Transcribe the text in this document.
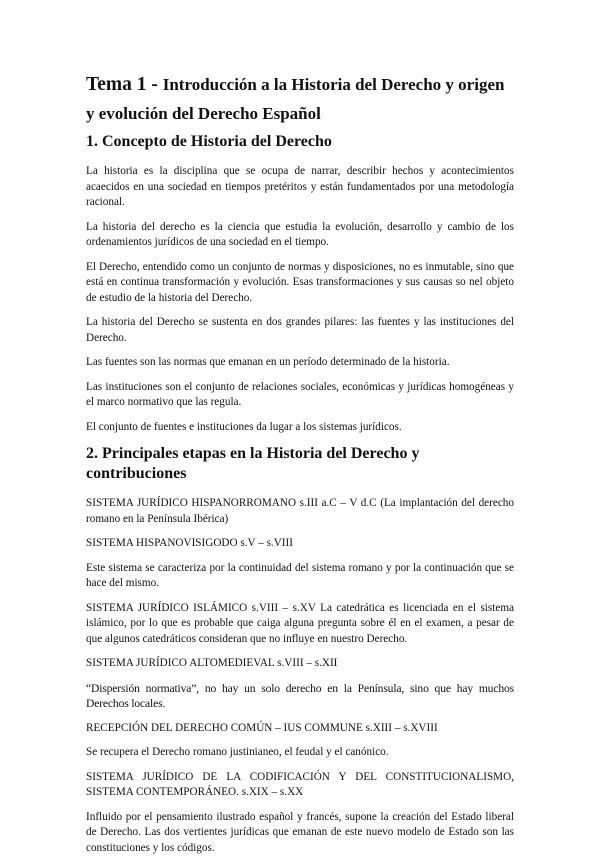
Tema 1 - Introducción a la Historia del Derecho y origen y evolución del Derecho Español
1. Concepto de Historia del Derecho

La historia es la disciplina que se ocupa de narrar, describir hechos y acontecimientos acaecidos en una sociedad en tiempos pretéritos y están fundamentados por una metodología racional.

La historia del derecho es la ciencia que estudia la evolución, desarrollo y cambio de los ordenamientos jurídicos de una sociedad en el tiempo.

El Derecho, entendido como un conjunto de normas y disposiciones, no es inmutable, sino que está en continua transformación y evolución. Esas transformaciones y sus causas so nel objeto de estudio de la historia del Derecho.

La historia del Derecho se sustenta en dos grandes pilares: las fuentes y las instituciones del Derecho.

Las fuentes son las normas que emanan en un período determinado de la historia.

Las instituciones son el conjunto de relaciones sociales, económicas y jurídicas homogéneas y el marco normativo que las regula.

El conjunto de fuentes e instituciones da lugar a los sistemas jurídicos.

2. Principales etapas en la Historia del Derecho y contribuciones

SISTEMA JURÍDICO HISPANORROMANO s.III a.C – V d.C (La implantación del derecho romano en la Península Ibérica)

SISTEMA HISPANOVISIGODO s.V – s.VIII

Este sistema se caracteriza por la continuidad del sistema romano y por la continuación que se hace del mismo.

SISTEMA JURÍDICO ISLÁMICO s.VIII – s.XV La catedrática es licenciada en el sistema islámico, por lo que es probable que caiga alguna pregunta sobre él en el examen, a pesar de que algunos catedráticos consideran que no influye en nuestro Derecho.

SISTEMA JURÍDICO ALTOMEDIEVAL s.VIII – s.XII

“Dispersión normativa”, no hay un solo derecho en la Península, sino que hay muchos Derechos locales.

RECEPCIÓN DEL DERECHO COMÚN – IUS COMMUNE s.XIII – s.XVIII

Se recupera el Derecho romano justinianeo, el feudal y el canónico.

SISTEMA JURÍDICO DE LA CODIFICACIÓN Y DEL CONSTITUCIONALISMO, SISTEMA CONTEMPORÁNEO. s.XIX – s.XX

Influido por el pensamiento ilustrado español y francés, supone la creación del Estado liberal de Derecho. Las dos vertientes jurídicas que emanan de este nuevo modelo de Estado son las constituciones y los códigos.
